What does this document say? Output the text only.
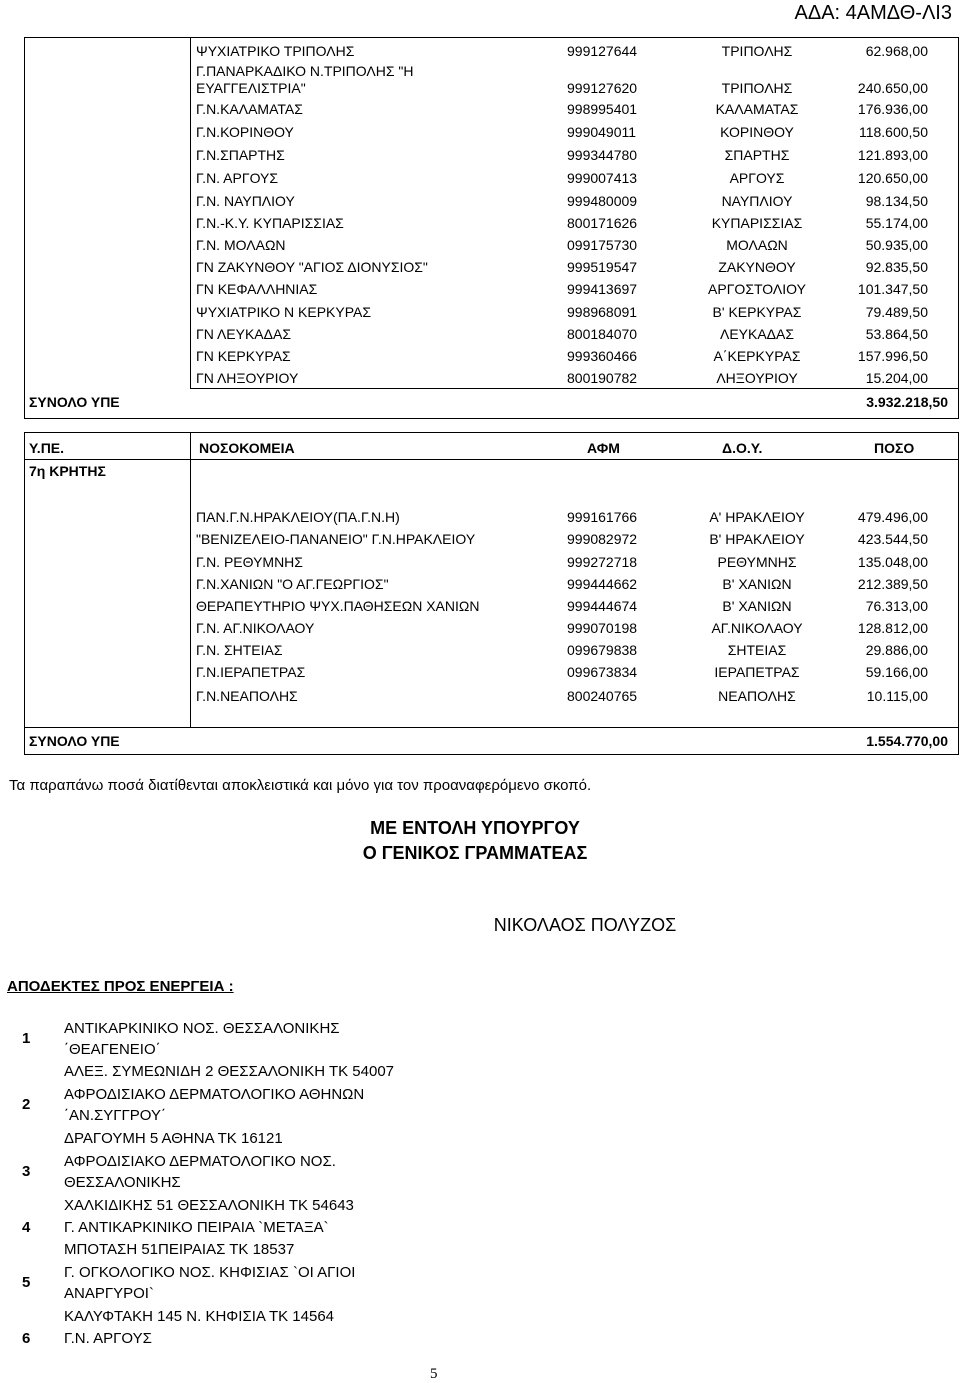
ΑΔΑ: 4ΑΜΔΘ-ΛΙ3
ΨΥΧΙΑΤΡΙΚΟ ΤΡΙΠΟΛΗΣ	999127644	ΤΡΙΠΟΛΗΣ	62.968,00
Γ.ΠΑΝΑΡΚΑΔΙΚΟ Ν.ΤΡΙΠΟΛΗΣ "Η
ΕΥΑΓΓΕΛΙΣΤΡΙΑ"	999127620	ΤΡΙΠΟΛΗΣ	240.650,00
Γ.Ν.ΚΑΛΑΜΑΤΑΣ	998995401	ΚΑΛΑΜΑΤΑΣ	176.936,00
Γ.Ν.ΚΟΡΙΝΘΟΥ	999049011	ΚΟΡΙΝΘΟΥ	118.600,50
Γ.Ν.ΣΠΑΡΤΗΣ	999344780	ΣΠΑΡΤΗΣ	121.893,00
Γ.Ν. ΑΡΓΟΥΣ	999007413	ΑΡΓΟΥΣ	120.650,00
Γ.Ν. ΝΑΥΠΛΙΟΥ	999480009	ΝΑΥΠΛΙΟΥ	98.134,50
Γ.Ν.-Κ.Υ. ΚΥΠΑΡΙΣΣΙΑΣ	800171626	ΚΥΠΑΡΙΣΣΙΑΣ	55.174,00
Γ.Ν. ΜΟΛΑΩΝ	099175730	ΜΟΛΑΩΝ	50.935,00
ΓΝ ΖΑΚΥΝΘΟΥ "ΑΓΙΟΣ ΔΙΟΝΥΣΙΟΣ"	999519547	ΖΑΚΥΝΘΟΥ	92.835,50
ΓΝ ΚΕΦΑΛΛΗΝΙΑΣ	999413697	ΑΡΓΟΣΤΟΛΙΟΥ	101.347,50
ΨΥΧΙΑΤΡΙΚΟ Ν ΚΕΡΚΥΡΑΣ	998968091	Β' ΚΕΡΚΥΡΑΣ	79.489,50
ΓΝ ΛΕΥΚΑΔΑΣ	800184070	ΛΕΥΚΑΔΑΣ	53.864,50
ΓΝ ΚΕΡΚΥΡΑΣ	999360466	Α΄ΚΕΡΚΥΡΑΣ	157.996,50
ΓΝ ΛΗΞΟΥΡΙΟΥ	800190782	ΛΗΞΟΥΡΙΟΥ	15.204,00
ΣΥΝΟΛΟ ΥΠΕ	3.932.218,50
Υ.ΠΕ.	ΝΟΣΟΚΟΜΕΙΑ	ΑΦΜ	Δ.Ο.Υ.	ΠΟΣΟ
7η ΚΡΗΤΗΣ
ΠΑΝ.Γ.Ν.ΗΡΑΚΛΕΙΟΥ(ΠΑ.Γ.Ν.Η)	999161766	Α' ΗΡΑΚΛΕΙΟΥ	479.496,00
"ΒΕΝΙΖΕΛΕΙΟ-ΠΑΝΑΝΕΙΟ" Γ.Ν.ΗΡΑΚΛΕΙΟΥ	999082972	Β' ΗΡΑΚΛΕΙΟΥ	423.544,50
Γ.Ν. ΡΕΘΥΜΝΗΣ	999272718	ΡΕΘΥΜΝΗΣ	135.048,00
Γ.Ν.ΧΑΝΙΩΝ "Ο ΑΓ.ΓΕΩΡΓΙΟΣ"	999444662	Β' ΧΑΝΙΩΝ	212.389,50
ΘΕΡΑΠΕΥΤΗΡΙΟ ΨΥΧ.ΠΑΘΗΣΕΩΝ ΧΑΝΙΩΝ	999444674	Β' ΧΑΝΙΩΝ	76.313,00
Γ.Ν. ΑΓ.ΝΙΚΟΛΑΟΥ	999070198	ΑΓ.ΝΙΚΟΛΑΟΥ	128.812,00
Γ.Ν. ΣΗΤΕΙΑΣ	099679838	ΣΗΤΕΙΑΣ	29.886,00
Γ.Ν.ΙΕΡΑΠΕΤΡΑΣ	099673834	ΙΕΡΑΠΕΤΡΑΣ	59.166,00
Γ.Ν.ΝΕΑΠΟΛΗΣ	800240765	ΝΕΑΠΟΛΗΣ	10.115,00
ΣΥΝΟΛΟ ΥΠΕ	1.554.770,00
Τα παραπάνω ποσά διατίθενται αποκλειστικά και μόνο για τον προαναφερόμενο σκοπό.
ΜΕ ΕΝΤΟΛΗ ΥΠΟΥΡΓΟΥ
Ο ΓΕΝΙΚΟΣ ΓΡΑΜΜΑΤΕΑΣ
ΝΙΚΟΛΑΟΣ ΠΟΛΥΖΟΣ
ΑΠΟΔΕΚΤΕΣ ΠΡΟΣ ΕΝΕΡΓΕΙΑ :
1
ΑΝΤΙΚΑΡΚΙΝΙΚΟ ΝΟΣ. ΘΕΣΣΑΛΟΝΙΚΗΣ
΄ΘΕΑΓΕΝΕΙΟ΄
ΑΛΕΞ. ΣΥΜΕΩΝΙΔΗ 2 ΘΕΣΣΑΛΟΝΙΚΗ ΤΚ 54007
2
ΑΦΡΟΔΙΣΙΑΚΟ ΔΕΡΜΑΤΟΛΟΓΙΚΟ ΑΘΗΝΩΝ
΄ΑΝ.ΣΥΓΓΡΟΥ΄
ΔΡΑΓΟΥΜΗ 5 ΑΘΗΝΑ ΤΚ 16121
3
ΑΦΡΟΔΙΣΙΑΚΟ ΔΕΡΜΑΤΟΛΟΓΙΚΟ ΝΟΣ.
ΘΕΣΣΑΛΟΝΙΚΗΣ
ΧΑΛΚΙΔΙΚΗΣ 51 ΘΕΣΣΑΛΟΝΙΚΗ ΤΚ 54643
4 Γ. ΑΝΤΙΚΑΡΚΙΝΙΚΟ ΠΕΙΡΑΙΑ `ΜΕΤΑΞΑ`
ΜΠΟΤΑΣΗ 51ΠΕΙΡΑΙΑΣ ΤΚ 18537
5
Γ. ΟΓΚΟΛΟΓΙΚΟ ΝΟΣ. ΚΗΦΙΣΙΑΣ `ΟΙ ΑΓΙΟΙ
ΑΝΑΡΓΥΡΟΙ`
ΚΑΛΥΦΤΑΚΗ 145 Ν. ΚΗΦΙΣΙΑ ΤΚ 14564
6 Γ.Ν. ΑΡΓΟΥΣ
5
